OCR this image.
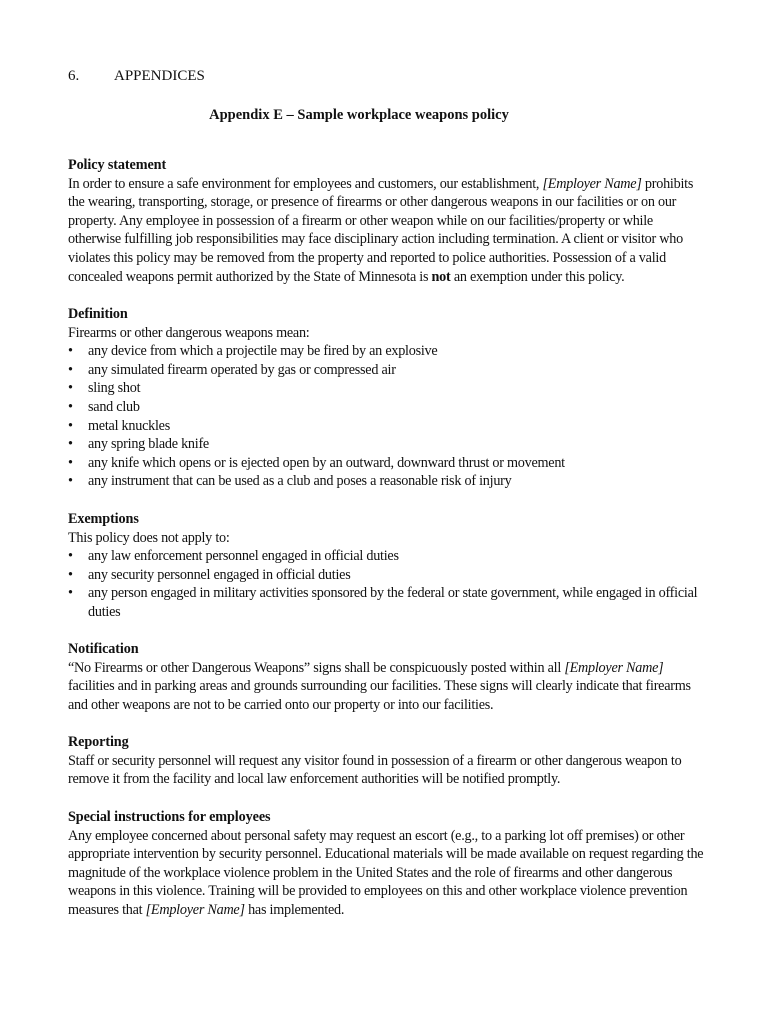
6. APPENDICES
Appendix E – Sample workplace weapons policy
Policy statement

In order to ensure a safe environment for employees and customers, our establishment, [Employer Name] prohibits the wearing, transporting, storage, or presence of firearms or other dangerous weapons in our facilities or on our property. Any employee in possession of a firearm or other weapon while on our facilities/property or while otherwise fulfilling job responsibilities may face disciplinary action including termination. A client or visitor who violates this policy may be removed from the property and reported to police authorities. Possession of a valid concealed weapons permit authorized by the State of Minnesota is not an exemption under this policy.

Definition

Firearms or other dangerous weapons mean:

• any device from which a projectile may be fired by an explosive
• any simulated firearm operated by gas or compressed air
• sling shot
• sand club
• metal knuckles
• any spring blade knife
• any knife which opens or is ejected open by an outward, downward thrust or movement
• any instrument that can be used as a club and poses a reasonable risk of injury
Exemptions

This policy does not apply to:

• any law enforcement personnel engaged in official duties
• any security personnel engaged in official duties
• any person engaged in military activities sponsored by the federal or state government, while engaged in official duties
Notification

“No Firearms or other Dangerous Weapons” signs shall be conspicuously posted within all [Employer Name] facilities and in parking areas and grounds surrounding our facilities. These signs will clearly indicate that firearms and other weapons are not to be carried onto our property or into our facilities.

Reporting

Staff or security personnel will request any visitor found in possession of a firearm or other dangerous weapon to remove it from the facility and local law enforcement authorities will be notified promptly.

Special instructions for employees

Any employee concerned about personal safety may request an escort (e.g., to a parking lot off premises) or other appropriate intervention by security personnel. Educational materials will be made available on request regarding the magnitude of the workplace violence problem in the United States and the role of firearms and other dangerous weapons in this violence. Training will be provided to employees on this and other workplace violence prevention measures that [Employer Name] has implemented.
